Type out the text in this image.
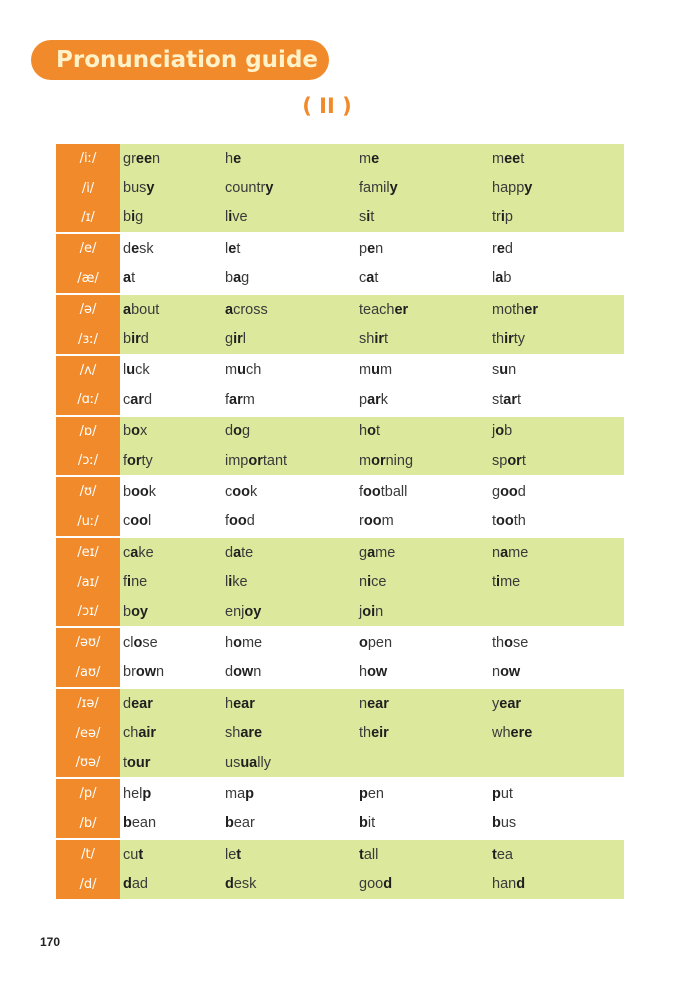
Pronunciation guide
( II )
/iː/	green	he	me	meet
/i/	busy	country	family	happy
/ɪ/	big	live	sit	trip
/e/	desk	let	pen	red
/æ/	at	bag	cat	lab
/ə/	about	across	teacher	mother
/ɜː/	bird	girl	shirt	thirty
/ʌ/	luck	much	mum	sun
/ɑː/	card	farm	park	start
/ɒ/	box	dog	hot	job
/ɔː/	forty	important	morning	sport
/ʊ/	book	cook	football	good
/uː/	cool	food	room	tooth
/eɪ/	cake	date	game	name
/aɪ/	fine	like	nice	time
/ɔɪ/	boy	enjoy	join
/əʊ/	close	home	open	those
/aʊ/	brown	down	how	now
/ɪə/	dear	hear	near	year
/eə/	chair	share	their	where
/ʊə/	tour	usually
/p/	help	map	pen	put
/b/	bean	bear	bit	bus
/t/	cut	let	tall	tea
/d/	dad	desk	good	hand
170
